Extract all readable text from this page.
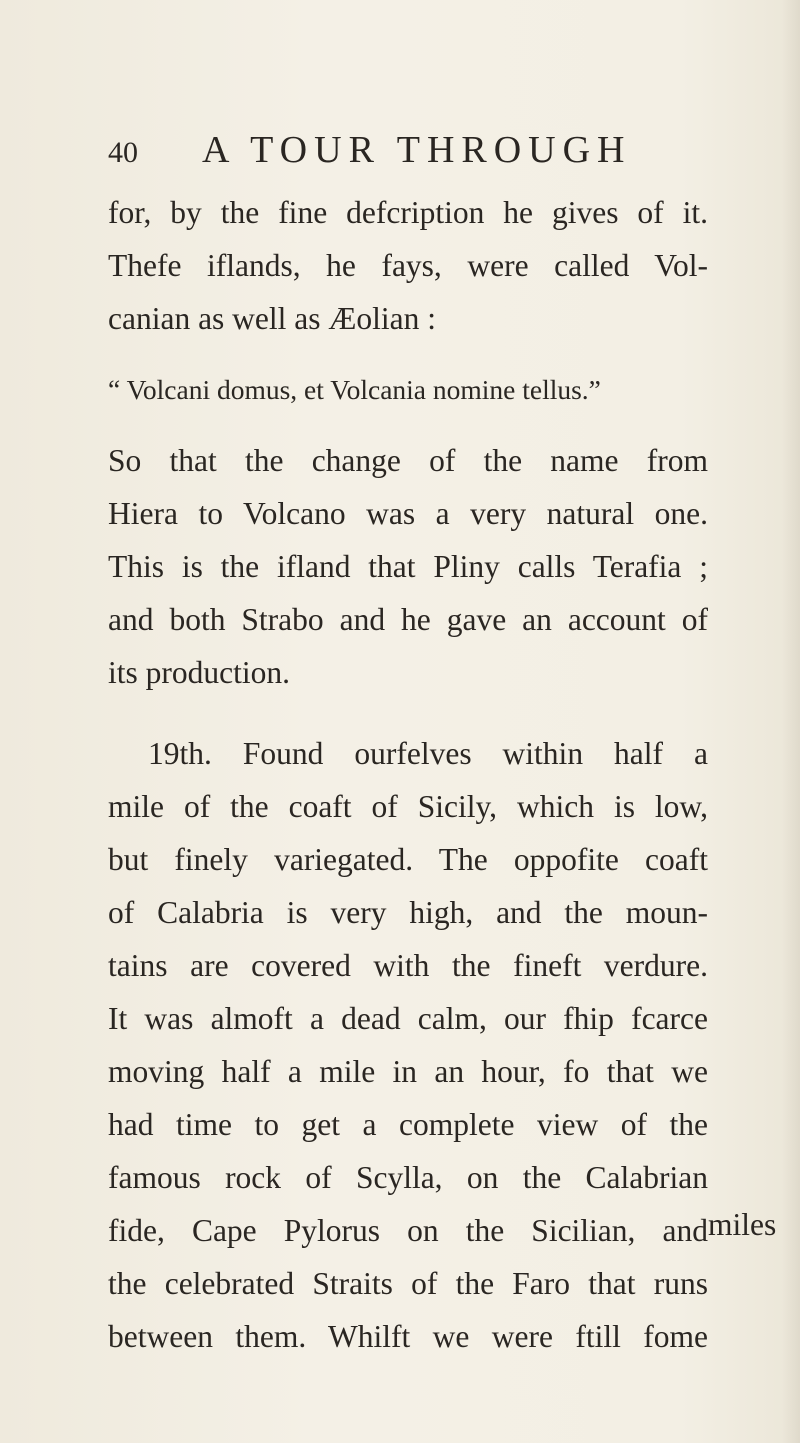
40 A TOUR THROUGH
for, by the fine defcription he gives of it.
Thefe iflands, he fays, were called Vol-
canian as well as Æolian :
“ Volcani domus, et Volcania nomine tellus.”
So that the change of the name from
Hiera to Volcano was a very natural one.
This is the ifland that Pliny calls Terafia ;
and both Strabo and he gave an account of
its production.
19th. Found ourfelves within half a
mile of the coaft of Sicily, which is low,
but finely variegated. The oppofite coaft
of Calabria is very high, and the moun-
tains are covered with the fineft verdure.
It was almoft a dead calm, our fhip fcarce
moving half a mile in an hour, fo that we
had time to get a complete view of the
famous rock of Scylla, on the Calabrian
fide, Cape Pylorus on the Sicilian, and
the celebrated Straits of the Faro that runs
between them. Whilft we were ftill fome
miles
